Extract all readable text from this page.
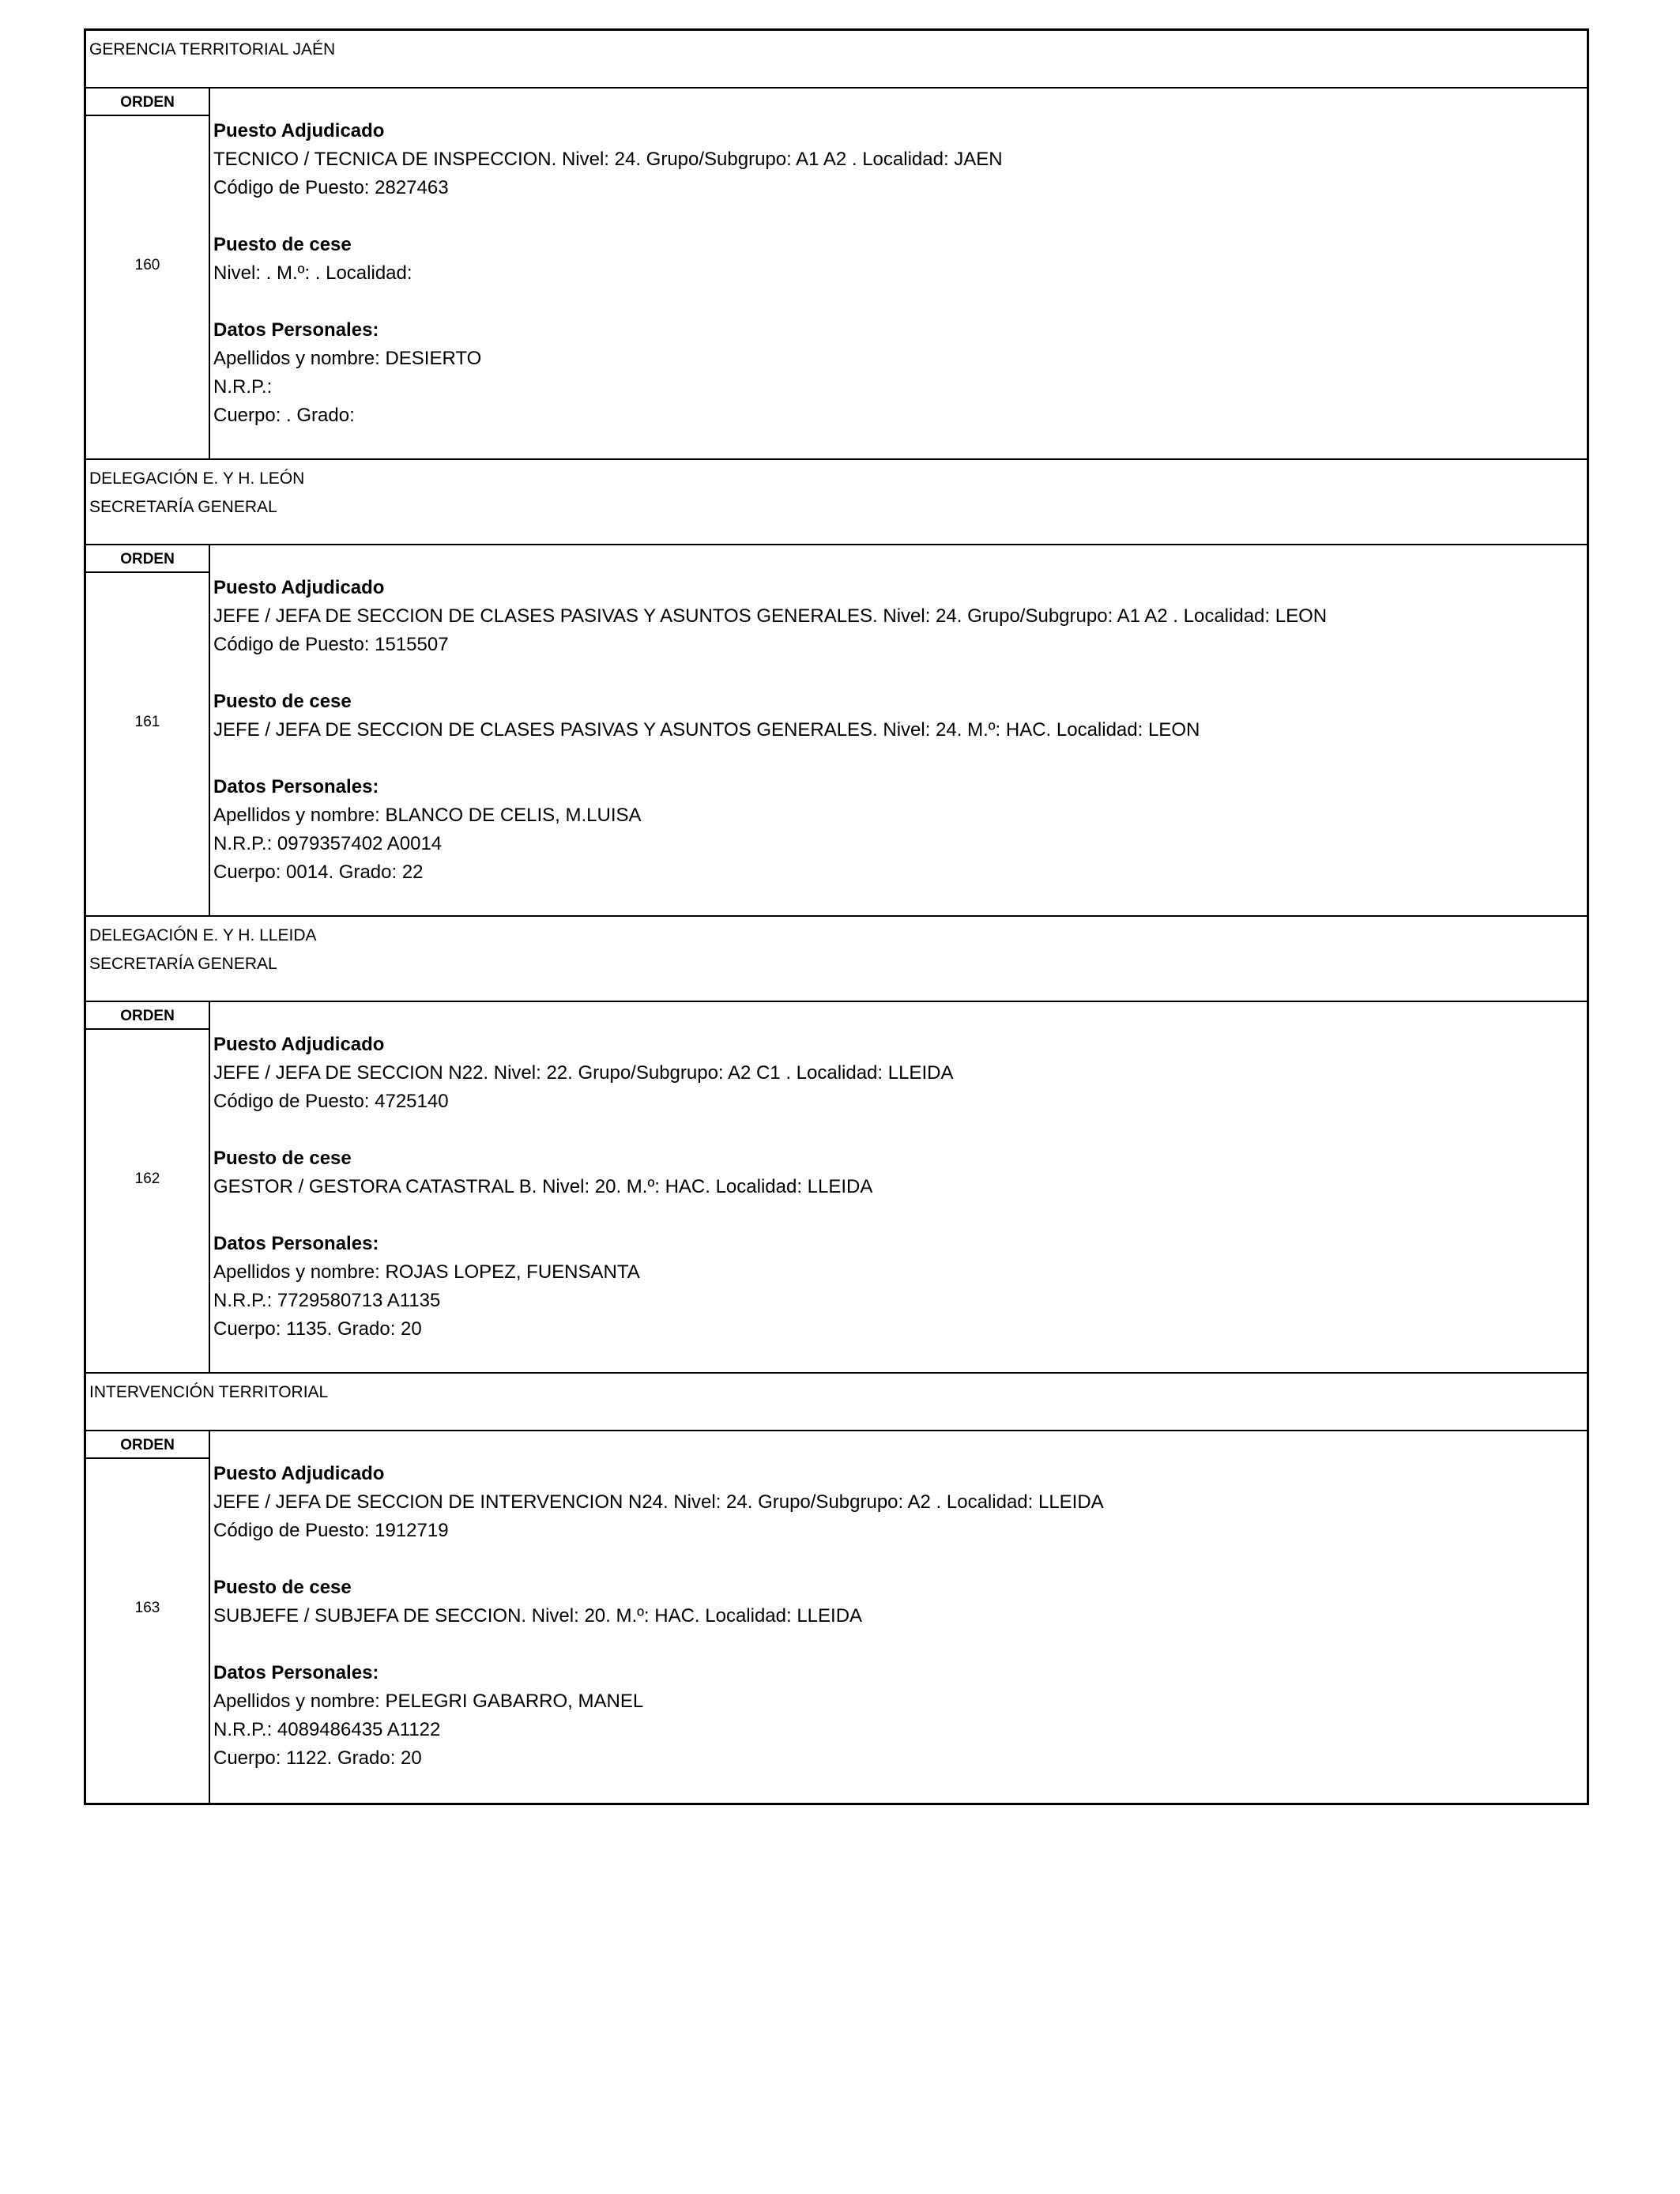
GERENCIA TERRITORIAL JAÉN
ORDEN
160
Puesto Adjudicado
TECNICO / TECNICA DE INSPECCION. Nivel: 24. Grupo/Subgrupo: A1 A2 . Localidad: JAEN
Código de Puesto: 2827463
Puesto de cese
Nivel: . M.º: . Localidad:
Datos Personales:
Apellidos y nombre: DESIERTO
N.R.P.:
Cuerpo: . Grado:
DELEGACIÓN E. Y H. LEÓN
SECRETARÍA GENERAL
ORDEN
161
Puesto Adjudicado
JEFE / JEFA DE SECCION DE CLASES PASIVAS Y ASUNTOS GENERALES. Nivel: 24. Grupo/Subgrupo: A1 A2 . Localidad: LEON
Código de Puesto: 1515507
Puesto de cese
JEFE / JEFA DE SECCION DE CLASES PASIVAS Y ASUNTOS GENERALES. Nivel: 24. M.º: HAC. Localidad: LEON
Datos Personales:
Apellidos y nombre: BLANCO DE CELIS, M.LUISA
N.R.P.: 0979357402 A0014
Cuerpo: 0014. Grado: 22
DELEGACIÓN E. Y H. LLEIDA
SECRETARÍA GENERAL
ORDEN
162
Puesto Adjudicado
JEFE / JEFA DE SECCION N22. Nivel: 22. Grupo/Subgrupo: A2 C1 . Localidad: LLEIDA
Código de Puesto: 4725140
Puesto de cese
GESTOR / GESTORA CATASTRAL B. Nivel: 20. M.º: HAC. Localidad: LLEIDA
Datos Personales:
Apellidos y nombre: ROJAS LOPEZ, FUENSANTA
N.R.P.: 7729580713 A1135
Cuerpo: 1135. Grado: 20
INTERVENCIÓN TERRITORIAL
ORDEN
163
Puesto Adjudicado
JEFE / JEFA DE SECCION DE INTERVENCION N24. Nivel: 24. Grupo/Subgrupo: A2 . Localidad: LLEIDA
Código de Puesto: 1912719
Puesto de cese
SUBJEFE / SUBJEFA DE SECCION. Nivel: 20. M.º: HAC. Localidad: LLEIDA
Datos Personales:
Apellidos y nombre: PELEGRI GABARRO, MANEL
N.R.P.: 4089486435 A1122
Cuerpo: 1122. Grado: 20
